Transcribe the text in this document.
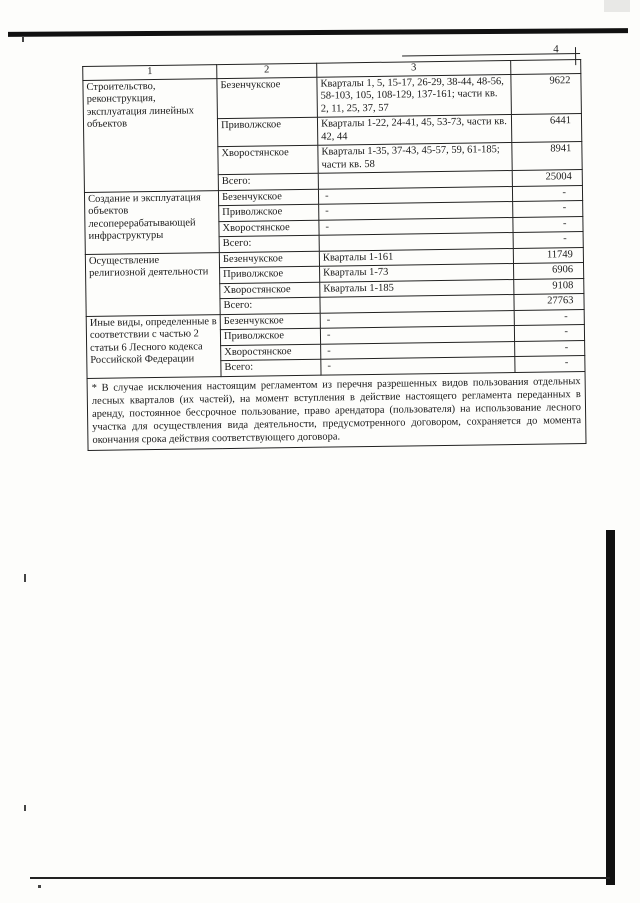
4
1	2	3	
Строительство, реконструкция, эксплуатация линейных объектов	Безенчукское	Кварталы 1, 5, 15-17, 26-29, 38-44, 48-56, 58-103, 105, 108-129, 137-161; части кв. 2, 11, 25, 37, 57	9622
	Приволжское	Кварталы 1-22, 24-41, 45, 53-73, части кв. 42, 44	6441
	Хворостянское	Кварталы 1-35, 37-43, 45-57, 59, 61-185; части кв. 58	8941
	Всего:		25004
Создание и эксплуатация объектов лесоперерабатывающей инфраструктуры	Безенчукское	-	-
	Приволжское	-	-
	Хворостянское	-	-
	Всего:		-
Осуществление религиозной деятельности	Безенчукское	Кварталы 1-161	11749
	Приволжское	Кварталы 1-73	6906
	Хворостянское	Кварталы 1-185	9108
	Всего:		27763
Иные виды, определенные в соответствии с частью 2 статьи 6 Лесного кодекса Российской Федерации	Безенчукское	-	-
	Приволжское	-	-
	Хворостянское	-	-
	Всего:	-	-
* В случае исключения настоящим регламентом из перечня разрешенных видов пользования отдельных лесных кварталов (их частей), на момент вступления в действие настоящего регламента переданных в аренду, постоянное бессрочное пользование, право арендатора (пользователя) на использование лесного участка для осуществления вида деятельности, предусмотренного договором, сохраняется до момента окончания срока действия соответствующего договора.			
